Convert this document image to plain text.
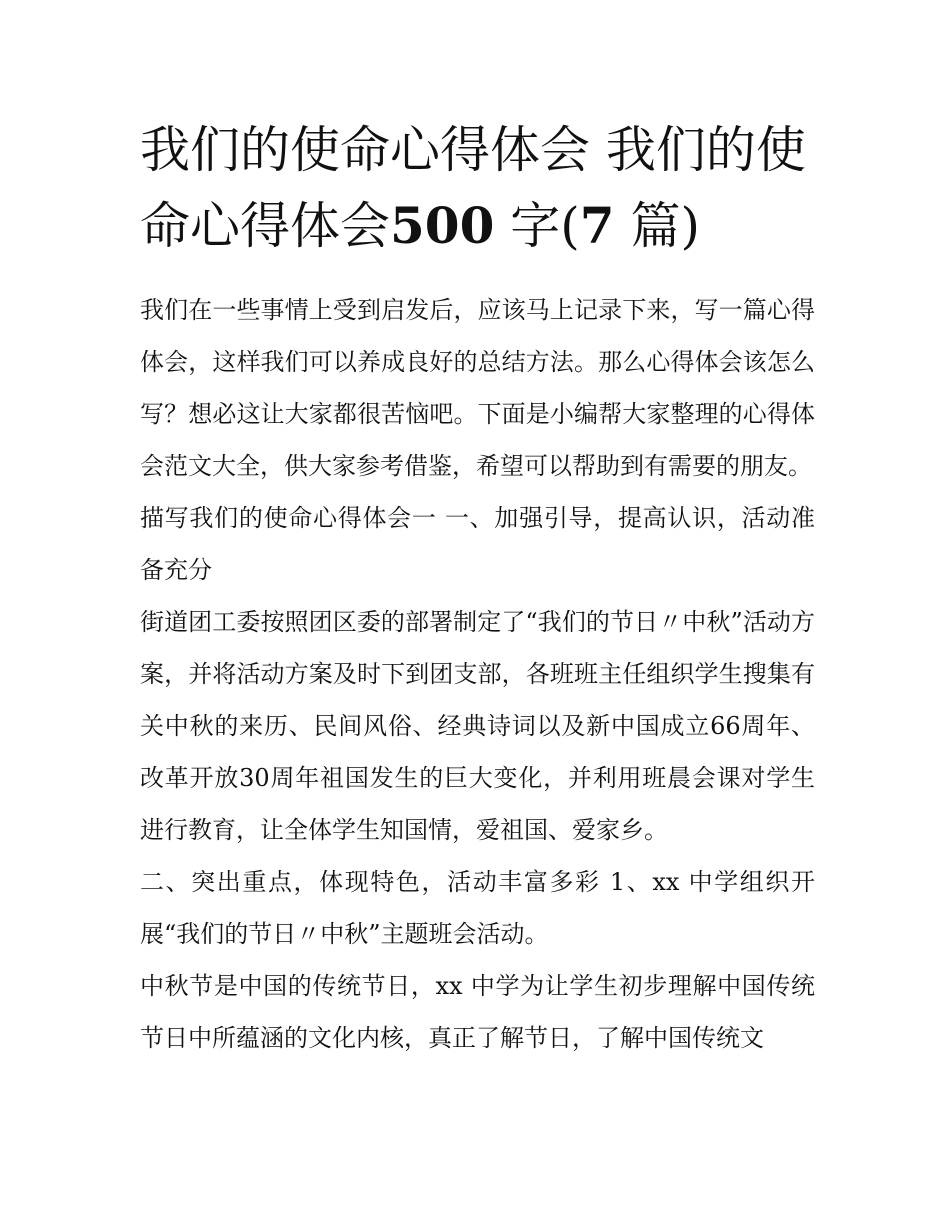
我们的使命心得体会 我们的使命心得体会500 字(7 篇)

我们在一些事情上受到启发后，应该马上记录下来，写一篇心得体会，这样我们可以养成良好的总结方法。那么心得体会该怎么写？想必这让大家都很苦恼吧。下面是小编帮大家整理的心得体会范文大全，供大家参考借鉴，希望可以帮助到有需要的朋友。

描写我们的使命心得体会一 一、加强引导，提高认识，活动准备充分

街道团工委按照团区委的部署制定了“我们的节日〃中秋”活动方案，并将活动方案及时下到团支部，各班班主任组织学生搜集有关中秋的来历、民间风俗、经典诗词以及新中国成立66周年、改革开放30周年祖国发生的巨大变化，并利用班晨会课对学生进行教育，让全体学生知国情，爱祖国、爱家乡。

二、突出重点，体现特色，活动丰富多彩 1、xx 中学组织开展“我们的节日〃中秋”主题班会活动。

中秋节是中国的传统节日，xx 中学为让学生初步理解中国传统节日中所蕴涵的文化内核，真正了解节日，了解中国传统文
